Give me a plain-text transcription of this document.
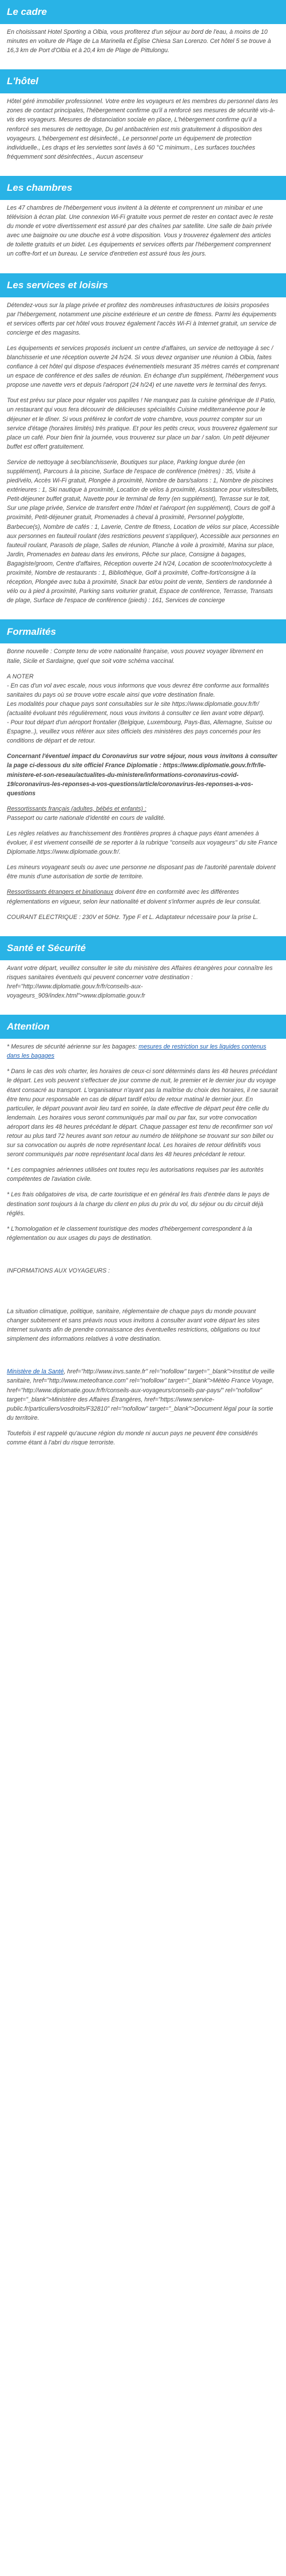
Le cadre

En choisissant Hotel Sporting a Olbia, vous profiterez d'un séjour au bord de l'eau, à moins de 10 minutes en voiture de Plage de La Marinella et Église Chiesa San Lorenzo. Cet hôtel 5 se trouve à 16,3 km de Port d'Olbia et à 20,4 km de Plage de Pittulongu.

L'hôtel

Hôtel géré immobilier professionnel. Votre entre les voyageurs et les membres du personnel dans les zones de contact principales, l'hébergement confirme qu'il a renforcé ses mesures de sécurité vis-à-vis des voyageurs. Mesures de distanciation sociale en place, L'hébergement confirme qu'il a renforcé ses mesures de nettoyage, Du gel antibactérien est mis gratuitement à disposition des voyageurs. L'hébergement est désinfecté., Le personnel porte un équipement de protection individuelle., Les draps et les serviettes sont lavés à 60 °C minimum., Les surfaces touchées fréquemment sont désinfectées., Aucun ascenseur

Les chambres

Les 47 chambres de l'hébergement vous invitent à la détente et comprennent un minibar et une télévision à écran plat. Une connexion Wi-Fi gratuite vous permet de rester en contact avec le reste du monde et votre divertissement est assuré par des chaînes par satellite. Une salle de bain privée avec une baignoire ou une douche est à votre disposition. Vous y trouverez également des articles de toilette gratuits et un bidet. Les équipements et services offerts par l'hébergement comprennent un coffre-fort et un bureau. Le service d'entretien est assuré tous les jours.

Les services et loisirs

Détendez-vous sur la plage privée et profitez des nombreuses infrastructures de loisirs proposées par l'hébergement, notamment une piscine extérieure et un centre de fitness. Parmi les équipements et services offerts par cet hôtel vous trouvez également l'accès Wi-Fi à Internet gratuit, un service de concierge et des magasins.

Les équipements et services proposés incluent un centre d'affaires, un service de nettoyage à sec / blanchisserie et une réception ouverte 24 h/24. Si vous devez organiser une réunion à Olbia, faites confiance à cet hôtel qui dispose d'espaces événementiels mesurant 35 mètres carrés et comprenant un espace de conférence et des salles de réunion. En échange d'un supplément, l'hébergement vous propose une navette vers et depuis l'aéroport (24 h/24) et une navette vers le terminal des ferrys.

Tout est prévu sur place pour régaler vos papilles ! Ne manquez pas la cuisine générique de Il Patio, un restaurant qui vous fera découvrir de délicieuses spécialités Cuisine méditerranéenne pour le déjeuner et le dîner. Si vous préférez le confort de votre chambre, vous pourrez compter sur un service d'étage (horaires limités) très pratique. Et pour les petits creux, vous trouverez également sur place un café. Pour bien finir la journée, vous trouverez sur place un bar / salon. Un petit déjeuner buffet est offert gratuitement.

Service de nettoyage à sec/blanchisserie, Boutiques sur place, Parking longue durée (en supplément), Parcours à la piscine, Surface de l'espace de conférence (mètres) : 35, Visite à pied/vélo, Accès Wi-Fi gratuit, Plongée à proximité, Nombre de bars/salons : 1, Nombre de piscines extérieures : 1, Ski nautique à proximité, Location de vélos à proximité, Assistance pour visites/billets, Petit-déjeuner buffet gratuit, Navette pour le terminal de ferry (en supplément), Terrasse sur le toit, Sur une plage privée, Service de transfert entre l'hôtel et l'aéroport (en supplément), Cours de golf à proximité, Petit-déjeuner gratuit, Promenades à cheval à proximité, Personnel polyglotte, Barbecue(s), Nombre de cafés : 1, Laverie, Centre de fitness, Location de vélos sur place, Accessible aux personnes en fauteuil roulant (des restrictions peuvent s'appliquer), Accessible aux personnes en fauteuil roulant, Parasols de plage, Salles de réunion, Planche à voile à proximité, Marina sur place, Jardin, Promenades en bateau dans les environs, Pêche sur place, Consigne à bagages, Bagagiste/groom, Centre d'affaires, Réception ouverte 24 h/24, Location de scooter/motocyclette à proximité, Nombre de restaurants : 1, Bibliothèque, Golf à proximité, Coffre-fort/consigne à la réception, Plongée avec tuba à proximité, Snack bar et/ou point de vente, Sentiers de randonnée à vélo ou à pied à proximité, Parking sans voiturier gratuit, Espace de conférence, Terrasse, Transats de plage, Surface de l'espace de conférence (pieds) : 161, Services de concierge

Formalités

Bonne nouvelle : Compte tenu de votre nationalité française, vous pouvez voyager librement en Italie, Sicile et Sardaigne, quel que soit votre schéma vaccinal.

A NOTER
- En cas d'un vol avec escale, nous vous informons que vous devrez être conforme aux formalités sanitaires du pays où se trouve votre escale ainsi que votre destination finale.
Les modalités pour chaque pays sont consultables sur le site https://www.diplomatie.gouv.fr/fr/ (actualité évoluant très régulièrement, nous vous invitons à consulter ce lien avant votre départ).
- Pour tout départ d'un aéroport frontalier (Belgique, Luxembourg, Pays-Bas, Allemagne, Suisse ou Espagne..), veuillez vous référer aux sites officiels des ministères des pays concernés pour les conditions de départ et de retour.

Concernant l'éventuel impact du Coronavirus sur votre séjour, nous vous invitons à consulter la page ci-dessous du site officiel France Diplomatie : https://www.diplomatie.gouv.fr/fr/le-ministere-et-son-reseau/actualites-du-ministere/informations-coronavirus-covid-19/coronavirus-les-reponses-a-vos-questions/article/coronavirus-les-reponses-a-vos-questions

Ressortissants français (adultes, bébés et enfants) :
Passeport ou carte nationale d'identité en cours de validité.

Les règles relatives au franchissement des frontières propres à chaque pays étant amenées à évoluer, il est vivement conseillé de se reporter à la rubrique "conseils aux voyageurs" du site France
Diplomatie.https://www.diplomatie.gouv.fr/.

Les mineurs voyageant seuls ou avec une personne ne disposant pas de l'autorité parentale doivent être munis d'une autorisation de sortie de territoire.

Ressortissants étrangers et binationaux doivent être en conformité avec les différentes réglementations en vigueur, selon leur nationalité et doivent s'informer auprès de leur consulat.

COURANT ELECTRIQUE : 230V et 50Hz. Type F et L. Adaptateur nécessaire pour la prise L.

Santé et Sécurité

Avant votre départ, veuillez consulter le site du ministère des Affaires étrangères pour connaître les risques sanitaires éventuels qui peuvent concerner votre destination : href="http://www.diplomatie.gouv.fr/fr/conseils-aux-voyageurs_909/index.html">www.diplomatie.gouv.fr

Attention

* Mesures de sécurité aérienne sur les bagages: mesures de restriction sur les liquides contenus dans les bagages

* Dans le cas des vols charter, les horaires de ceux-ci sont déterminés dans les 48 heures précédant le départ. Les vols peuvent s'effectuer de jour comme de nuit, le premier et le dernier jour du voyage étant consacré au transport. L'organisateur n'ayant pas la maîtrise du choix des horaires, il ne saurait être tenu pour responsable en cas de départ tardif et/ou de retour matinal le dernier jour. En particulier, le départ pouvant avoir lieu tard en soirée, la date effective de départ peut être celle du lendemain. Les horaires vous seront communiqués par mail ou par fax, sur votre convocation aéroport dans les 48 heures précédant le départ. Chaque passager est tenu de reconfirmer son vol retour au plus tard 72 heures avant son retour au numéro de téléphone se trouvant sur son billet ou sur sa convocation ou auprès de notre représentant local. Les horaires de retour définitifs vous seront communiqués par notre représentant local dans les 48 heures précédant le retour.

* Les compagnies aériennes utilisées ont toutes reçu les autorisations requises par les autorités compétentes de l'aviation civile.

* Les frais obligatoires de visa, de carte touristique et en général les frais d'entrée dans le pays de destination sont toujours à la charge du client en plus du prix du vol, du séjour ou du circuit déjà réglés.

* L'homologation et le classement touristique des modes d'hébergement correspondent à la réglementation ou aux usages du pays de destination.

INFORMATIONS AUX VOYAGEURS :

La situation climatique, politique, sanitaire, réglementaire de chaque pays du monde pouvant changer subitement et sans préavis nous vous invitons à consulter avant votre départ les sites Internet suivants afin de prendre connaissance des éventuelles restrictions, obligations ou tout simplement des informations relatives à votre destination.

Ministère de la Santé, href="http://www.invs.sante.fr" rel="nofollow" target="_blank">Institut de veille sanitaire, href="http://www.meteofrance.com" rel="nofollow" target="_blank">Météo France Voyage, href="http://www.diplomatie.gouv.fr/fr/conseils-aux-voyageurs/conseils-par-pays/" rel="nofollow" target="_blank">Ministère des Affaires Étrangères, href="https://www.service-public.fr/particuliers/vosdroits/F32810" rel="nofollow" target="_blank">Document légal pour la sortie du territoire.

Toutefois il est rappelé qu'aucune région du monde ni aucun pays ne peuvent être considérés comme étant à l'abri du risque terroriste.
